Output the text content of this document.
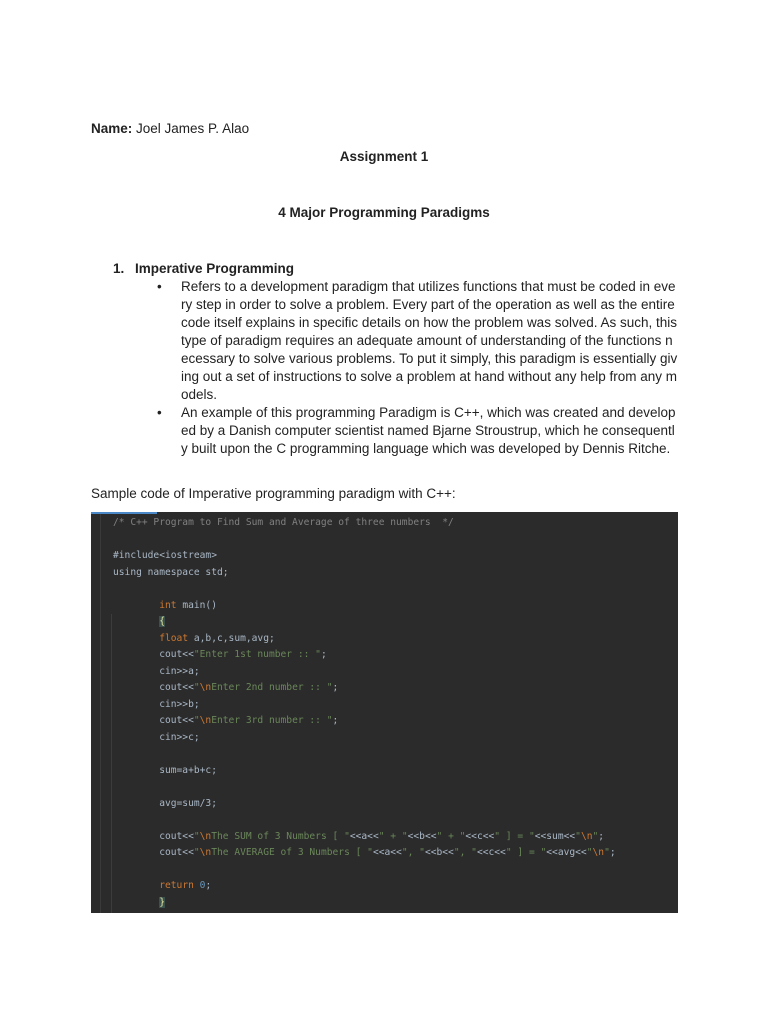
Name: Joel James P. Alao
Assignment 1
4 Major Programming Paradigms
1. Imperative Programming
• Refers to a development paradigm that utilizes functions that must be coded in every step in order to solve a problem. Every part of the operation as well as the entire code itself explains in specific details on how the problem was solved. As such, this type of paradigm requires an adequate amount of understanding of the functions necessary to solve various problems. To put it simply, this paradigm is essentially giving out a set of instructions to solve a problem at hand without any help from any models.
• An example of this programming Paradigm is C++, which was created and developed by a Danish computer scientist named Bjarne Stroustrup, which he consequently built upon the C programming language which was developed by Dennis Ritche.
Sample code of Imperative programming paradigm with C++:
/* C++ Program to Find Sum and Average of three numbers  */
#include<iostream>
using namespace std;
int main()
{
float a,b,c,sum,avg;
cout<<"Enter 1st number :: ";
cin>>a;
cout<<"\nEnter 2nd number :: ";
cin>>b;
cout<<"\nEnter 3rd number :: ";
cin>>c;
sum=a+b+c;
avg=sum/3;
cout<<"\nThe SUM of 3 Numbers [ "<<a<<" + "<<b<<" + "<<c<<" ] = "<<sum<<"\n";
cout<<"\nThe AVERAGE of 3 Numbers [ "<<a<<", "<<b<<", "<<c<<" ] = "<<avg<<"\n";
return 0;
}
